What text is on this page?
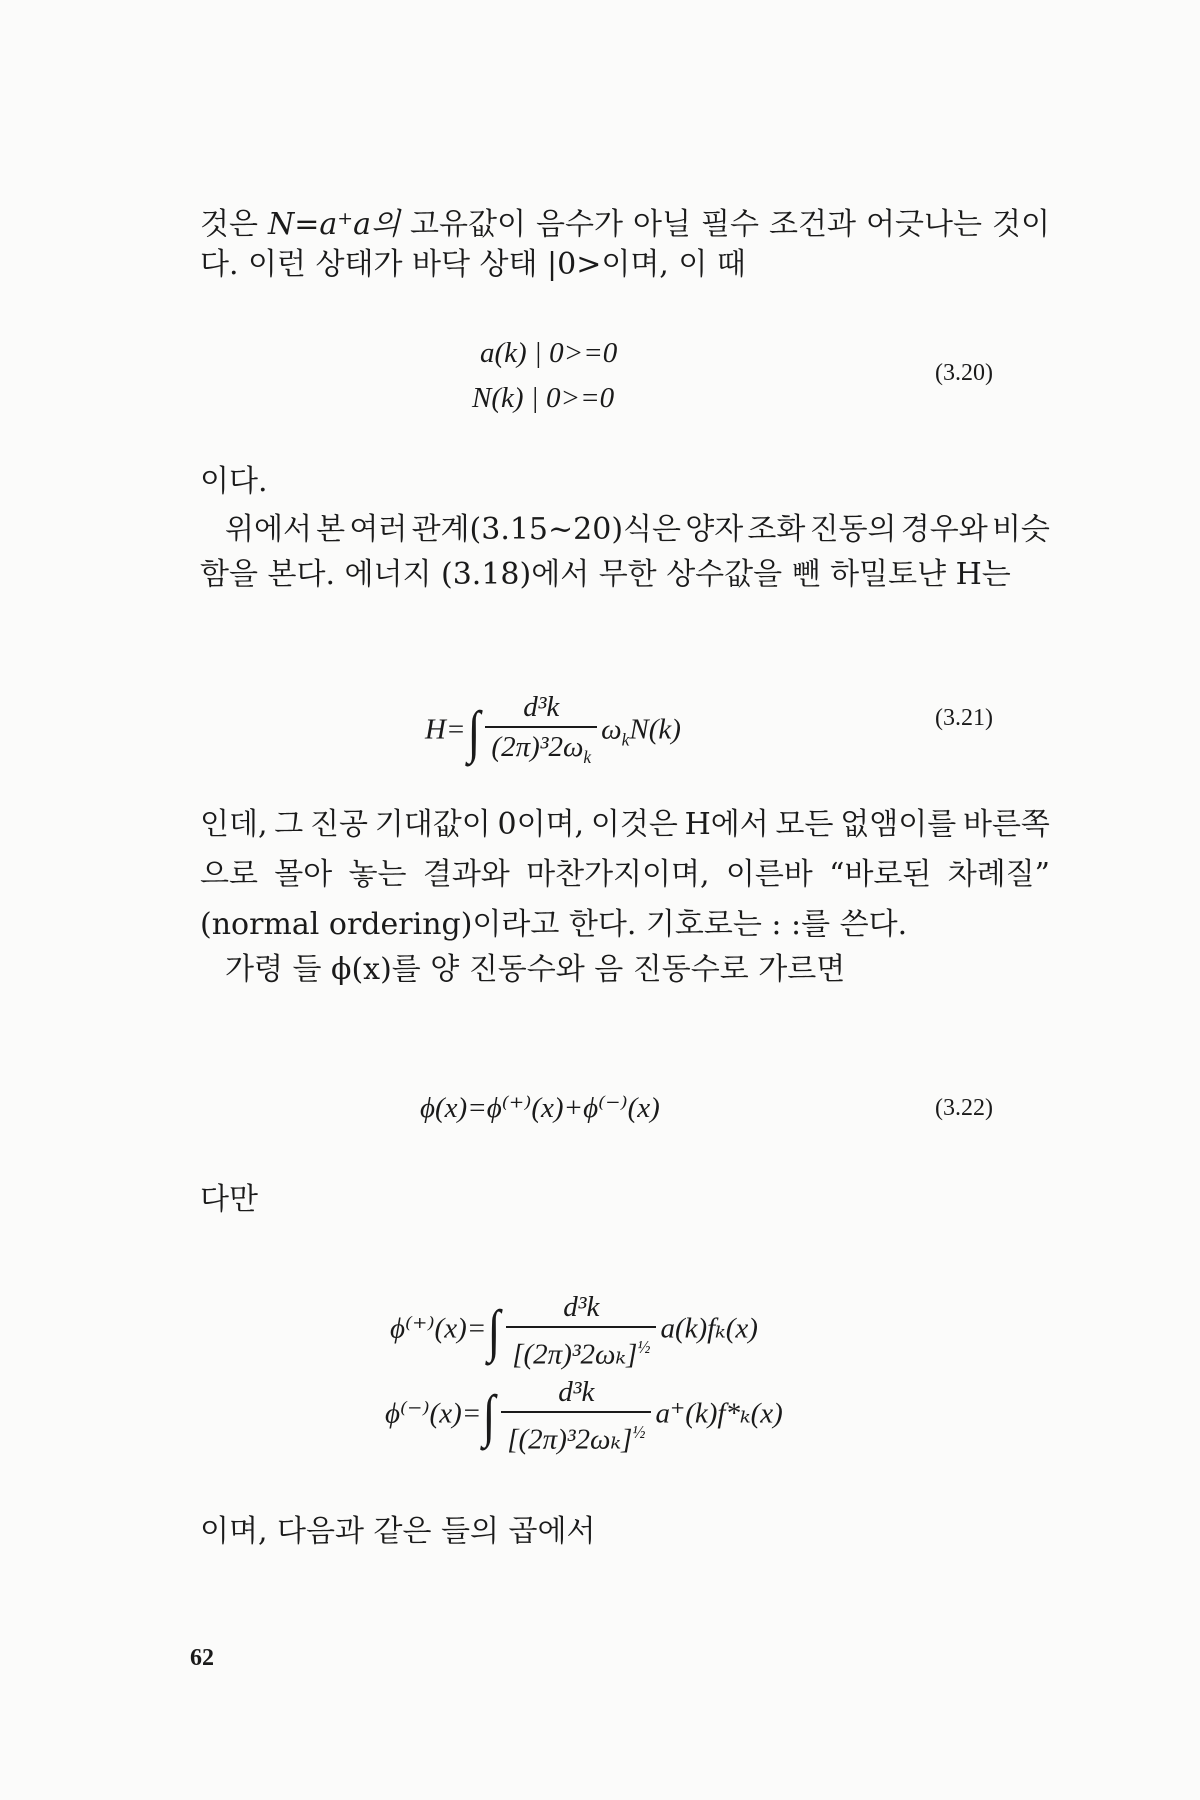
것은 N=a⁺a의 고유값이 음수가 아닐 필수 조건과 어긋나는 것이
다. 이런 상태가 바닥 상태 |0>이며, 이 때
a(k) | 0>=0
N(k) | 0>=0
(3.20)
이다.
위에서 본 여러 관계(3.15~20)식은 양자 조화 진동의 경우와 비슷
함을 본다. 에너지 (3.18)에서 무한 상수값을 뺀 하밀토냔 H는
$H=\int \frac{\text{d³k}}{(2\pi)^32\omega_k} \omega_kN(k)$	(3.21)
인데, 그 진공 기대값이 0이며, 이것은 H에서 모든 없앰이를 바른쪽
으로 몰아 놓는 결과와 마찬가지이며, 이른바 “바로된 차례질”
(normal ordering)이라고 한다. 기호로는 : :를 쓴다.
가령 들 ϕ(x)를 양 진동수와 음 진동수로 가르면
ϕ(x)=ϕ⁽⁺⁾(x)+ϕ⁽⁻⁾(x)	(3.22)
다만
$\phi^{(+)}(x)=\int \frac{\text{d³k}}{[(2\pi)^32\omega_k]^{\frac{1}{2}}} a(k)f_k(x)$
$\phi^{(-)}(x)=\int \frac{\text{d³k}}{[(2\pi)^32\omega_k]^{\frac{1}{2}}} a^+(k)f*_k(x)$
이며, 다음과 같은 들의 곱에서
62
